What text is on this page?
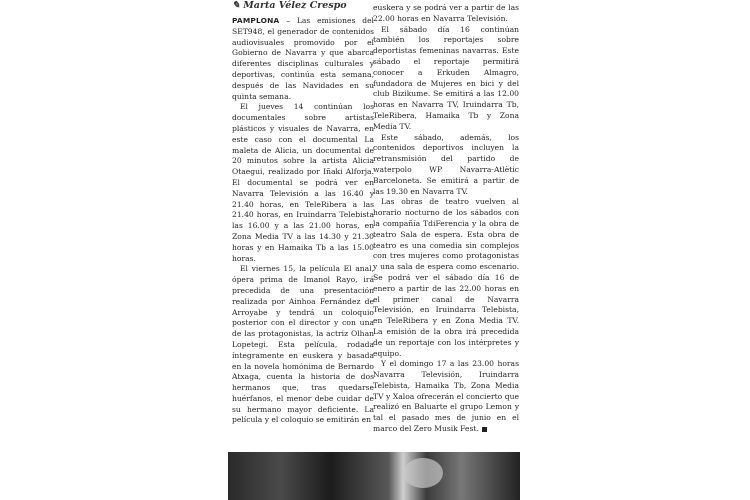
✎ Marta Vélez Crespo

PAMPLONA – Las emisiones del SET948, el generador de contenidos audiovisuales promovido por el Gobierno de Navarra y que abarca diferentes disciplinas culturales y deportivas, continúa esta semana, después de las Navidades en su quinta semana.

El jueves 14 continúan los documentales sobre artistas plásticos y visuales de Navarra, en este caso con el documental La maleta de Alicia, un documental de 20 minutos sobre la artista Alicia Otaegui, realizado por Iñaki Alforja. El documental se podrá ver en Navarra Televisión a las 16.40 y 21.40 horas, en TeleRibera a las 21.40 horas, en Iruindarra Telebista las 16.00 y a las 21.00 horas, en Zona Media TV a las 14.30 y 21.30 horas y en Hamaika Tb a las 15.00 horas.

El viernes 15, la película El anal, ópera prima de Imanol Rayo, irá precedida de una presentación realizada por Ainhoa Fernández de Arroyabe y tendrá un coloquio posterior con el director y con una de las protagonistas, la actriz Olhan Lopetegi. Esta película, rodada íntegramente en euskera y basada en la novela homónima de Bernardo Atxaga, cuenta la historia de dos hermanos que, tras quedarse huérfanos, el menor debe cuidar de su hermano mayor deficiente. La película y el coloquio se emitirán en

euskera y se podrá ver a partir de las 22.00 horas en Navarra Televisión.

El sábado día 16 continúan también los reportajes sobre deportistas femeninas navarras. Este sábado el reportaje permitirá conocer a Erkuden Almagro, fundadora de Mujeres en bici y del club Bizikume. Se emitirá a las 12.00 horas en Navarra TV, Iruindarra Tb, TeleRibera, Hamaika Tb y Zona Media TV.

Este sábado, además, los contenidos deportivos incluyen la retransmisión del partido de waterpolo WP Navarra-Atlètic Barceloneta. Se emitirá a partir de las 19.30 en Navarra TV.

Las obras de teatro vuelven al horario nocturno de los sábados con la compañía TdiFerencia y la obra de teatro Sala de espera. Esta obra de teatro es una comedia sin complejos con tres mujeres como protagonistas y una sala de espera como escenario. Se podrá ver el sábado día 16 de enero a partir de las 22.00 horas en el primer canal de Navarra Televisión, en Iruindarra Telebista, en TeleRibera y en Zona Media TV. La emisión de la obra irá precedida de un reportaje con los intérpretes y equipo.

Y el domingo 17 a las 23.00 horas Navarra Televisión, Iruindarra Telebista, Hamaika Tb, Zona Media TV y Xaloa ofrecerán el concierto que realizó en Baluarte el grupo Lemon y tal el pasado mes de junio en el marco del Zero Musik Fest.
